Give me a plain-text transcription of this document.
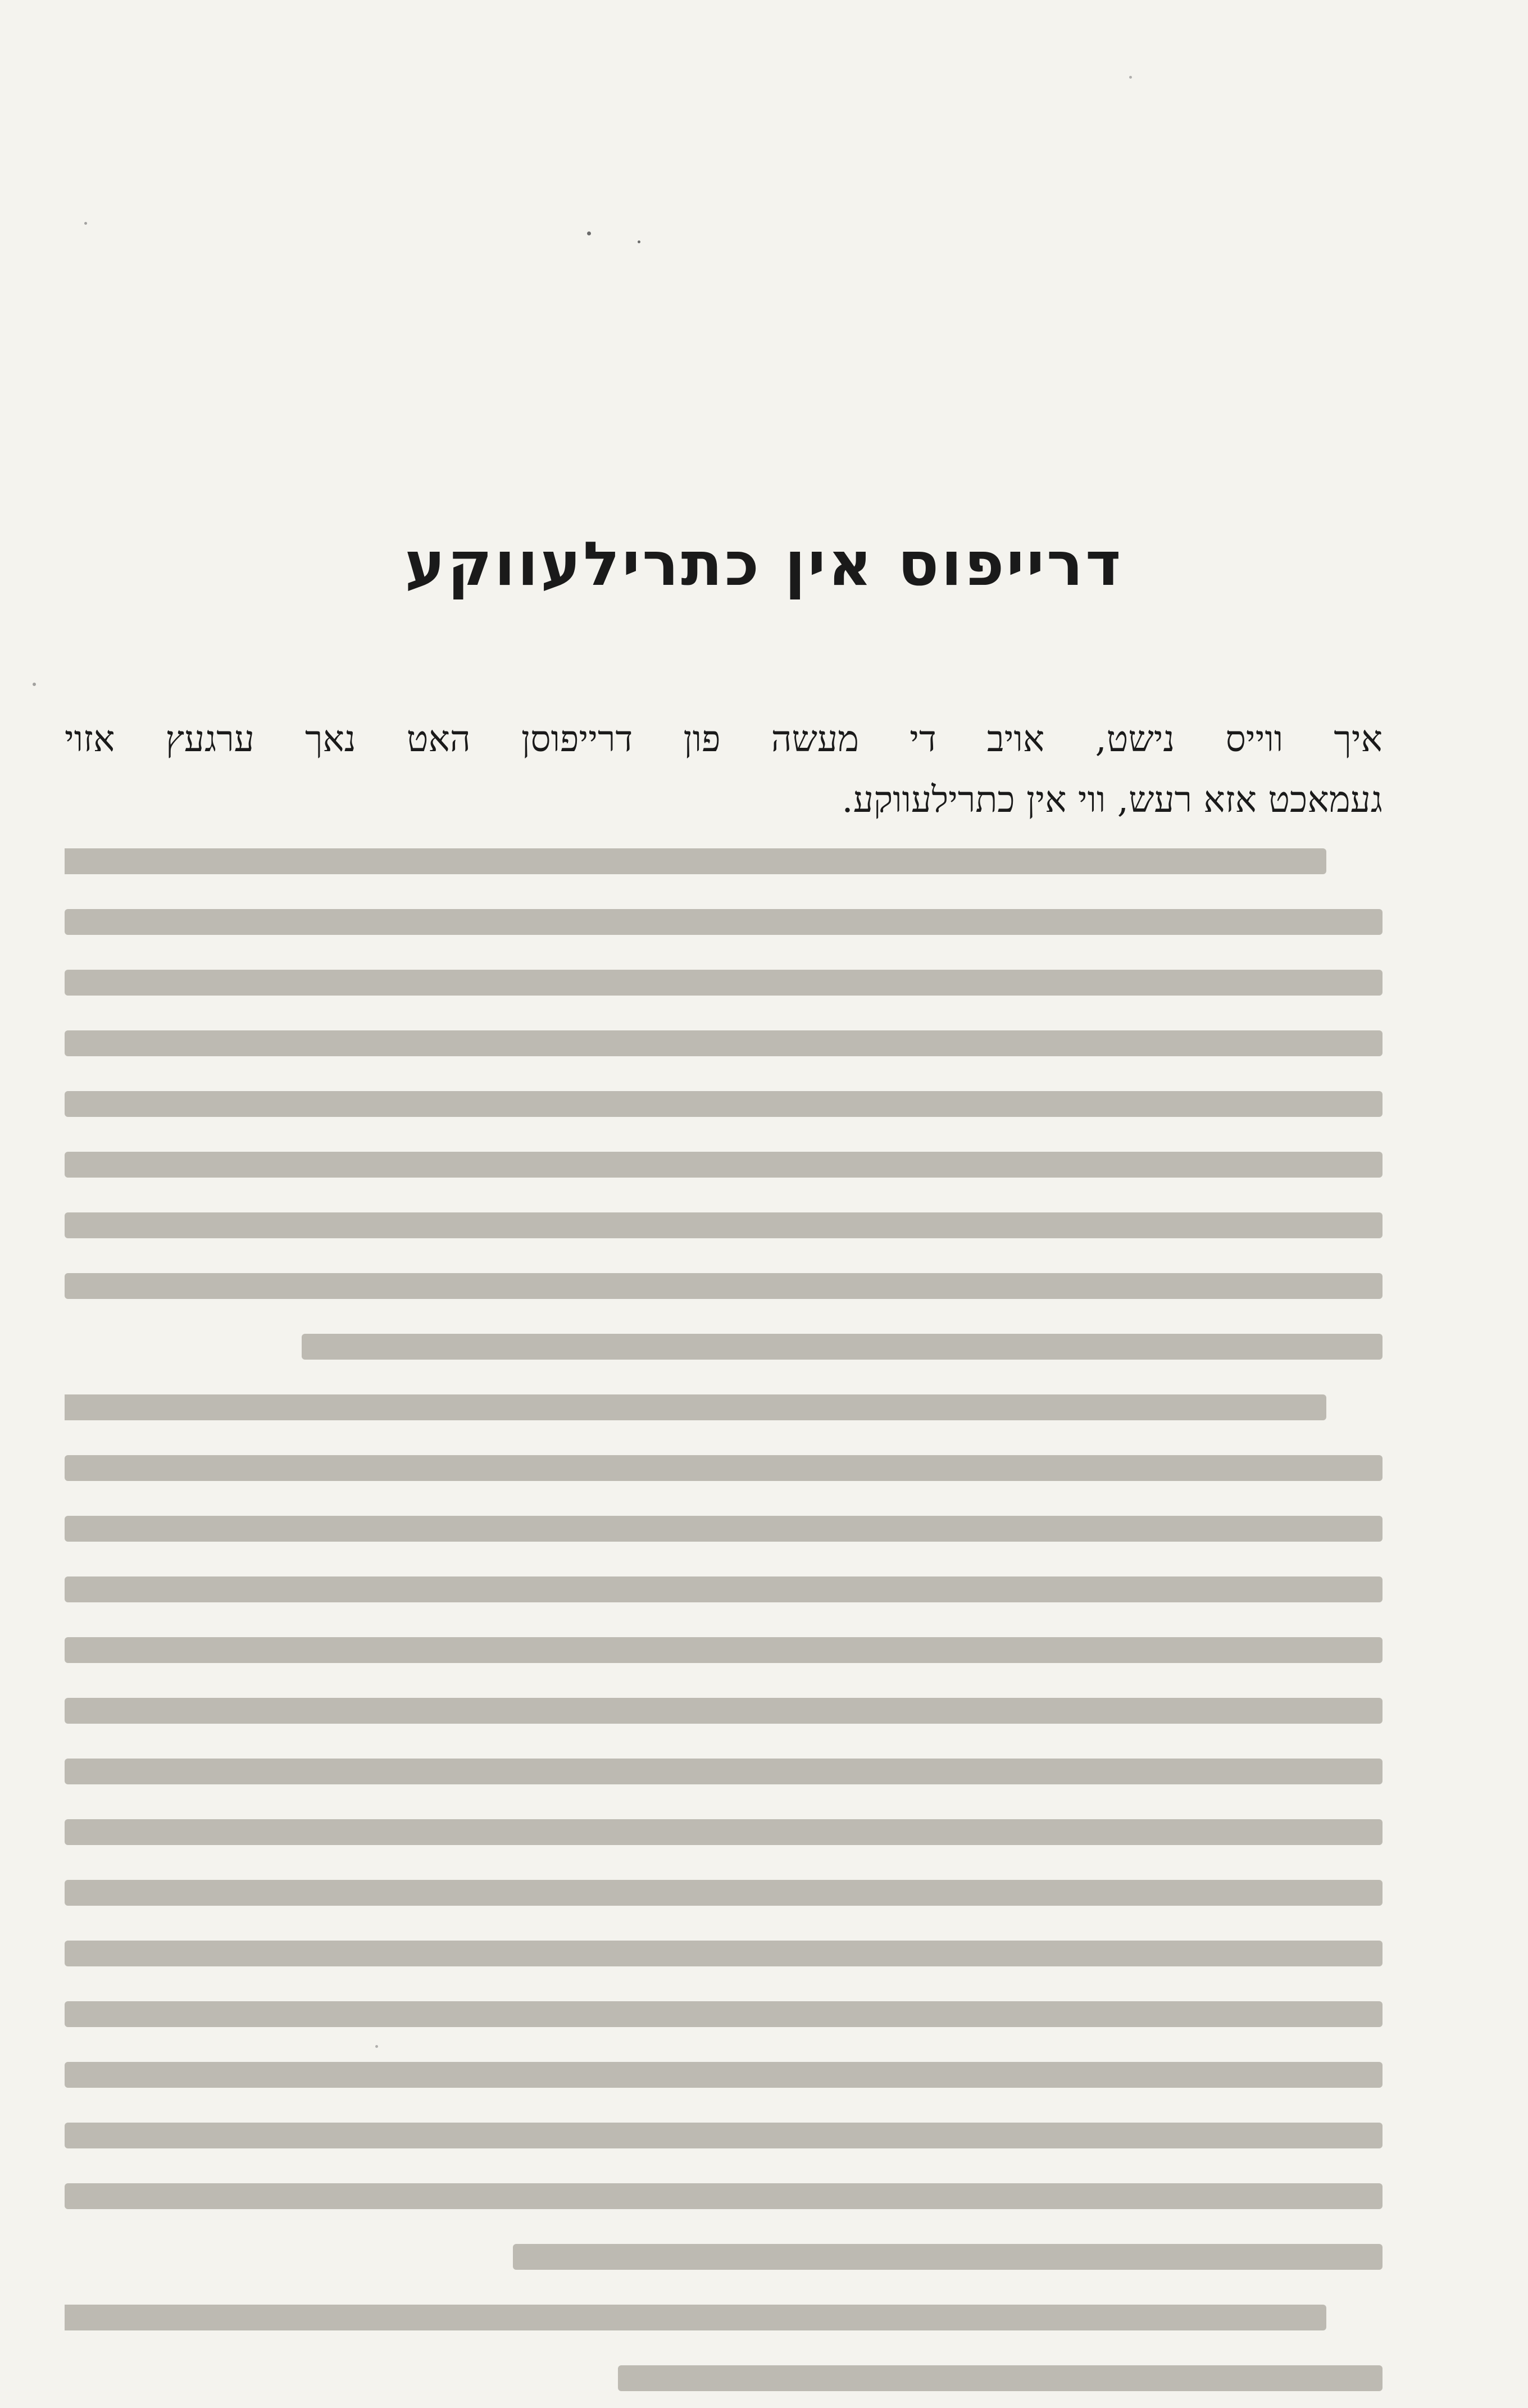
דרייפוס אין כתרילעווקע
איך ווייס נישט, אויב די מעשה פון דרייפוסן האט נאך ערגעץ אזוי
געמאכט אזא רעש, ווי אין כתרילעווקע.
